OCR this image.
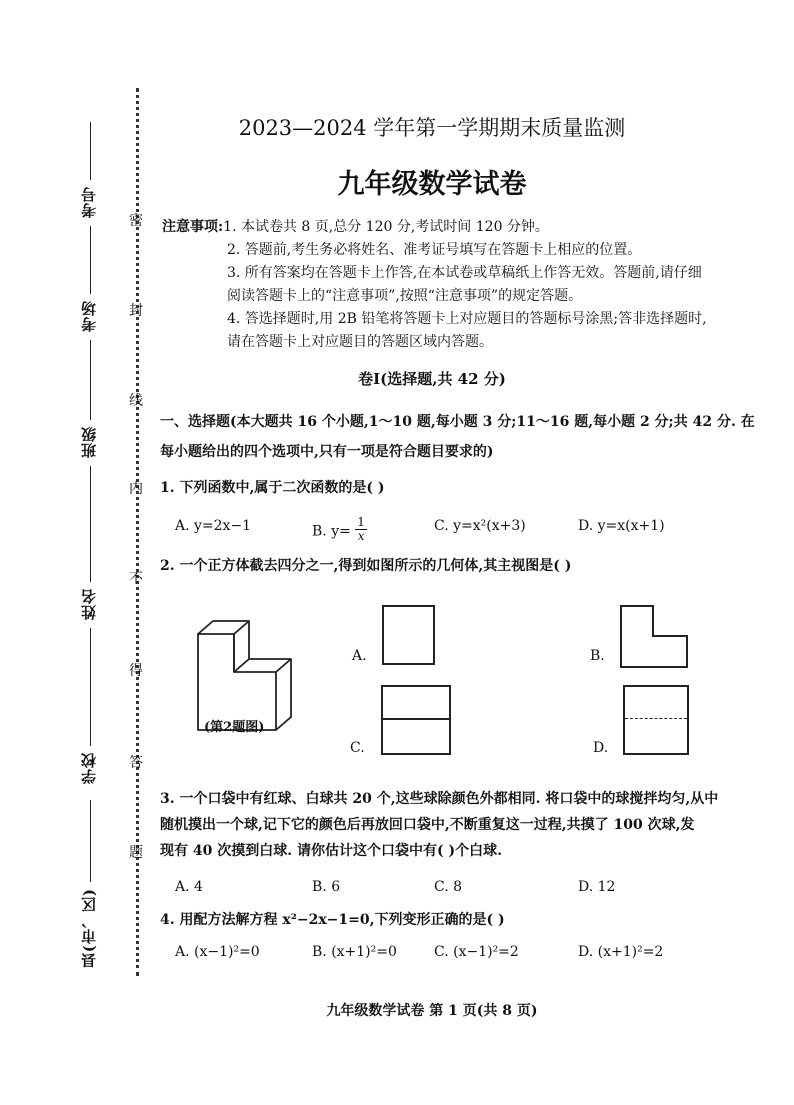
考号
考场
班级
姓名
学校
县(市、区)
密
封
线
内
不
得
答
题
2023—2024 学年第一学期期末质量监测
九年级数学试卷
注意事项:1. 本试卷共 8 页,总分 120 分,考试时间 120 分钟。
2. 答题前,考生务必将姓名、准考证号填写在答题卡上相应的位置。
3. 所有答案均在答题卡上作答,在本试卷或草稿纸上作答无效。答题前,请仔细
阅读答题卡上的“注意事项”,按照“注意事项”的规定答题。
4. 答选择题时,用 2B 铅笔将答题卡上对应题目的答题标号涂黑;答非选择题时,
请在答题卡上对应题目的答题区域内答题。
卷Ⅰ(选择题,共 42 分)
一、选择题(本大题共 16 个小题,1～10 题,每小题 3 分;11～16 题,每小题 2 分;共 42 分. 在
每小题给出的四个选项中,只有一项是符合题目要求的)
1. 下列函数中,属于二次函数的是( )
A. y=2x−1	B. $y= \frac{1}{x}$	C. y=x²(x+3)	D. y=x(x+1)
2. 一个正方体截去四分之一,得到如图所示的几何体,其主视图是( )
(第2题图)
A.	B.
C.	D.
3. 一个口袋中有红球、白球共 20 个,这些球除颜色外都相同. 将口袋中的球搅拌均匀,从中
随机摸出一个球,记下它的颜色后再放回口袋中,不断重复这一过程,共摸了 100 次球,发
现有 40 次摸到白球. 请你估计这个口袋中有( )个白球.
A. 4	B. 6	C. 8	D. 12
4. 用配方法解方程 x²−2x−1=0,下列变形正确的是( )
A. (x−1)²=0	B. (x+1)²=0	C. (x−1)²=2	D. (x+1)²=2
九年级数学试卷 第 1 页(共 8 页)
